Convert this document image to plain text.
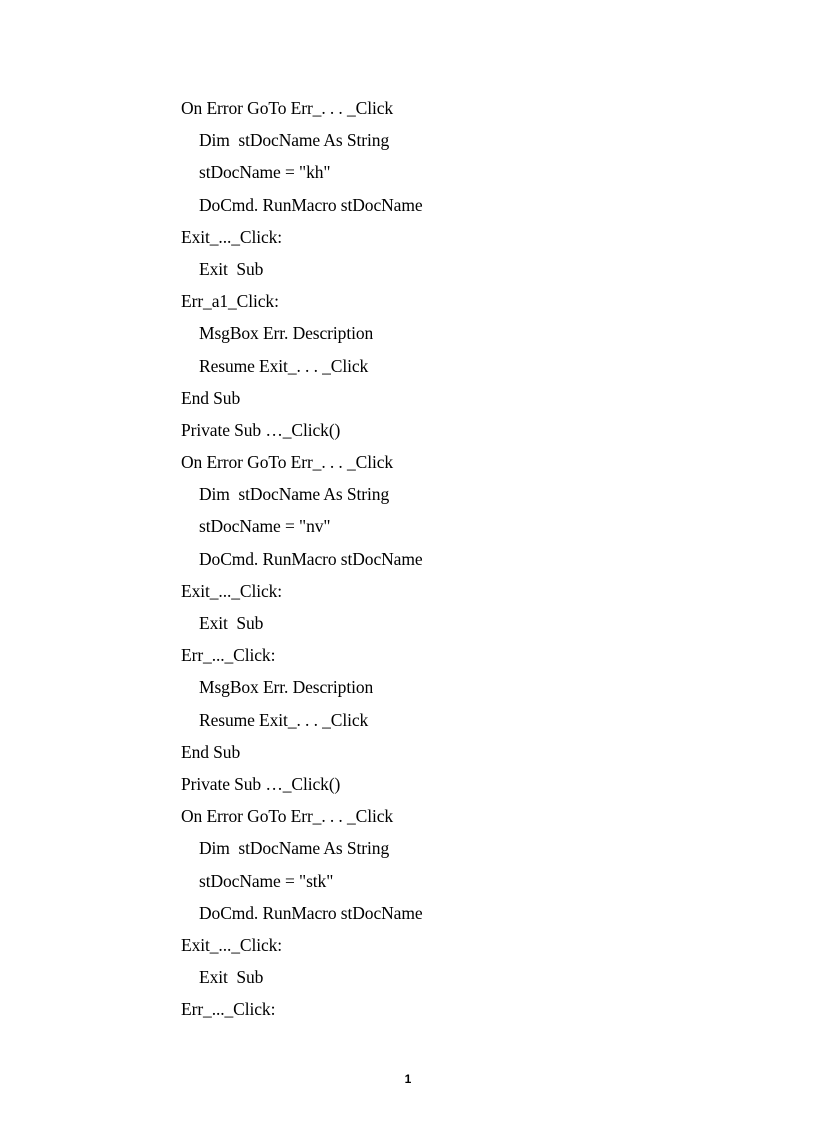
On Error GoTo Err_. . . _Click
Dim  stDocName As String
stDocName = "kh"
DoCmd. RunMacro stDocName
Exit_..._Click:
Exit  Sub
Err_a1_Click:
MsgBox Err. Description
Resume Exit_. . . _Click
End Sub
Private Sub …_Click()
On Error GoTo Err_. . . _Click
Dim  stDocName As String
stDocName = "nv"
DoCmd. RunMacro stDocName
Exit_..._Click:
Exit  Sub
Err_..._Click:
MsgBox Err. Description
Resume Exit_. . . _Click
End Sub
Private Sub …_Click()
On Error GoTo Err_. . . _Click
Dim  stDocName As String
stDocName = "stk"
DoCmd. RunMacro stDocName
Exit_..._Click:
Exit  Sub
Err_..._Click:
1
